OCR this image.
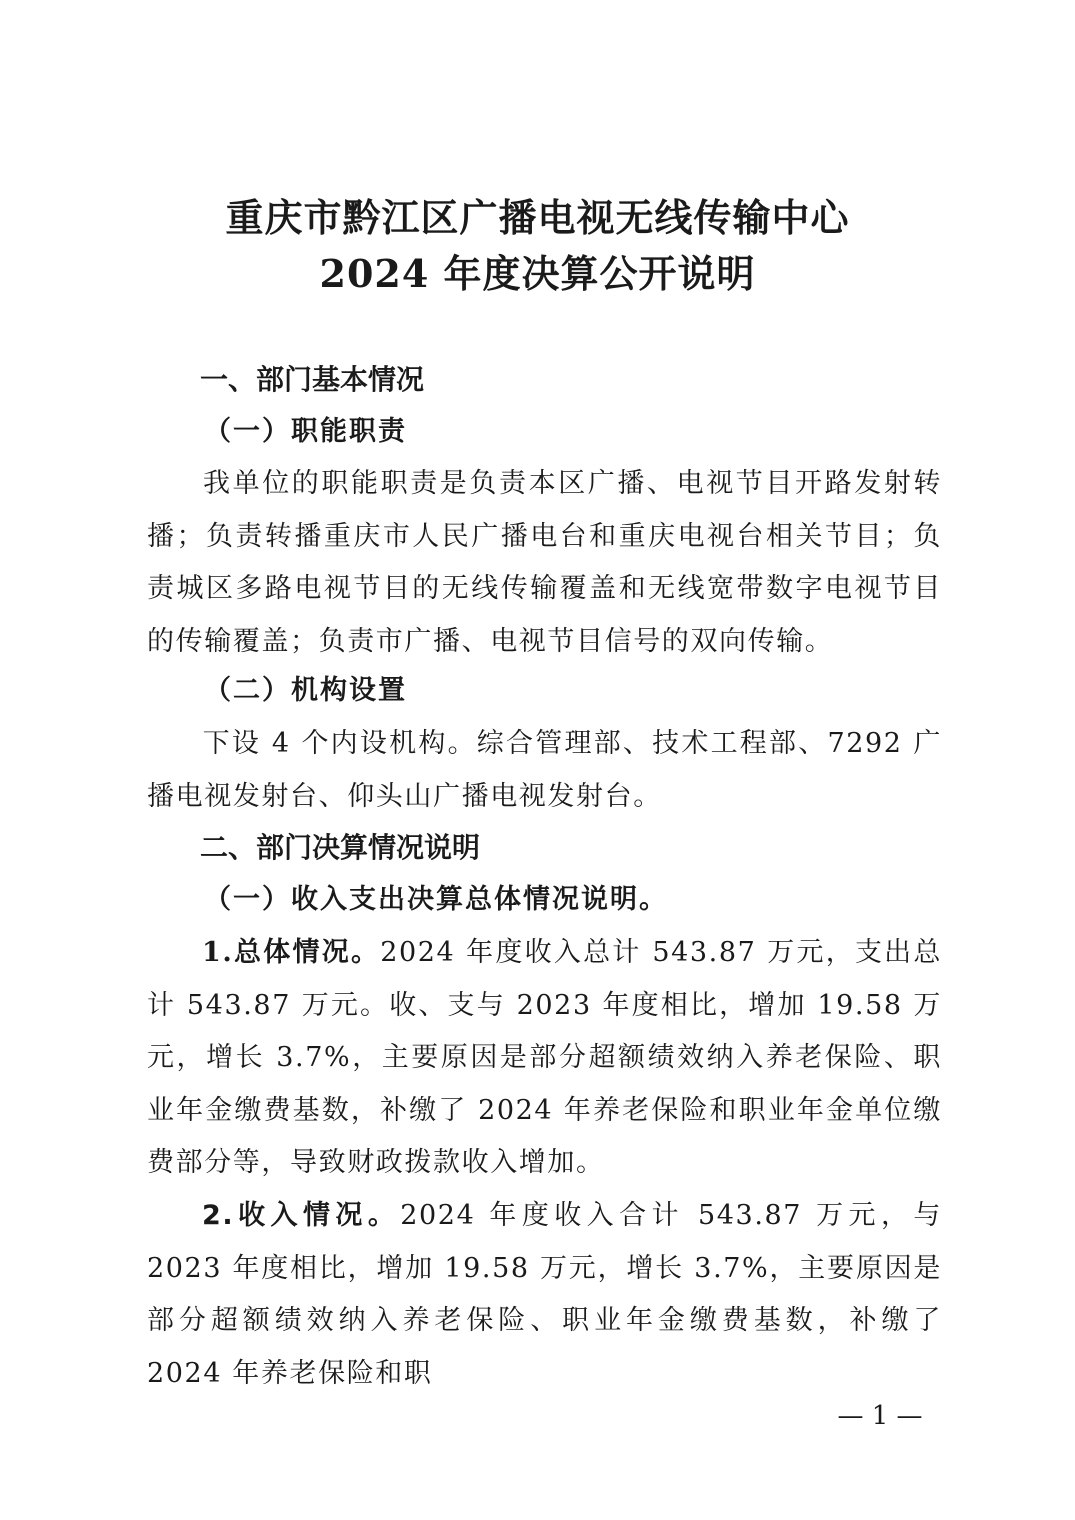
重庆市黔江区广播电视无线传输中心
2024 年度决算公开说明
一、部门基本情况
（一）职能职责
我单位的职能职责是负责本区广播、电视节目开路发射转播；负责转播重庆市人民广播电台和重庆电视台相关节目；负责城区多路电视节目的无线传输覆盖和无线宽带数字电视节目的传输覆盖；负责市广播、电视节目信号的双向传输。
（二）机构设置
下设 4 个内设机构。综合管理部、技术工程部、7292 广播电视发射台、仰头山广播电视发射台。
二、部门决算情况说明
（一）收入支出决算总体情况说明。
1.总体情况。2024 年度收入总计 543.87 万元，支出总计 543.87 万元。收、支与 2023 年度相比，增加 19.58 万元，增长 3.7%，主要原因是部分超额绩效纳入养老保险、职业年金缴费基数，补缴了 2024 年养老保险和职业年金单位缴费部分等，导致财政拨款收入增加。
2.收入情况。2024 年度收入合计 543.87 万元，与 2023 年度相比，增加 19.58 万元，增长 3.7%，主要原因是部分超额绩效纳入养老保险、职业年金缴费基数，补缴了 2024 年养老保险和职
— 1 —
